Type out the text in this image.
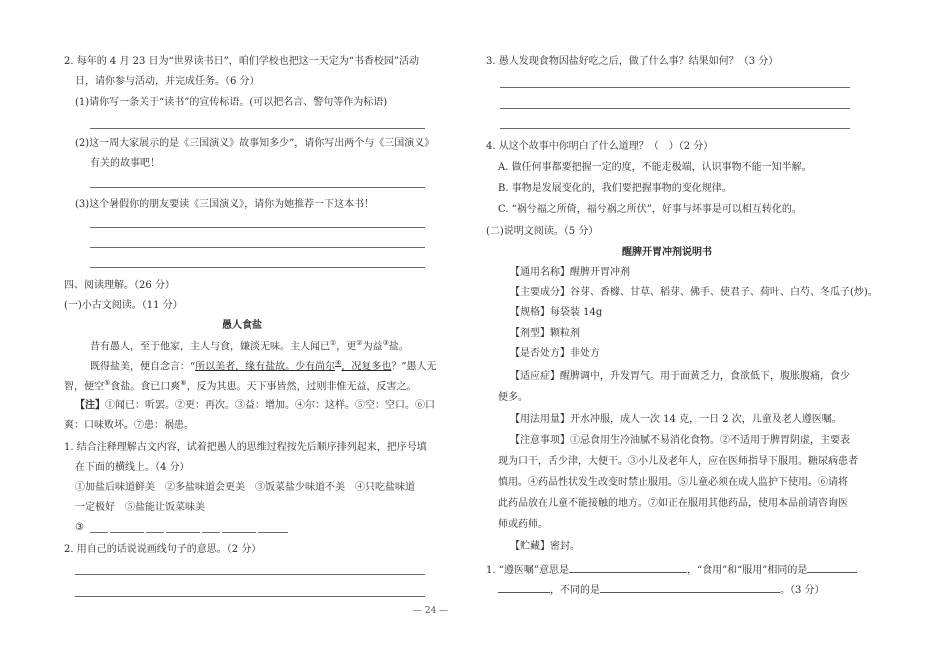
2. 每年的 4 月 23 日为“世界读书日”，咱们学校也把这一天定为“书香校园”活动
日，请你参与活动，并完成任务。（6 分）
(1)请你写一条关于“读书”的宣传标语。(可以把名言、警句等作为标语)
(2)这一周大家展示的是《三国演义》故事知多少”，请你写出两个与《三国演义》
有关的故事吧！
(3)这个暑假你的朋友要读《三国演义》，请你为她推荐一下这本书！
四、阅读理解。（26 分）
(一)小古文阅读。（11 分）
愚人食盐
昔有愚人，至于他家，主人与食，嫌淡无味。主人闻已①，更②为益③盐。
既得盐美，便自念言：“所以美者，缘有盐故。少有尚尔④，况复多也？”愚人无
智，便空⑤食盐。食已口爽⑥，反为其患。天下事皆然，过则非惟无益，反害之。
【注】①闻已：听罢。②更：再次。③益：增加。④尔：这样。⑤空：空口。⑥口
爽：口味败坏。⑦患：祸患。
1. 结合注释理解古文内容，试着把愚人的思维过程按先后顺序排列起来，把序号填
在下面的横线上。（4 分）
①加盐后味道鲜美　②多盐味道会更美　③饭菜盐少味道不美　④只吃盐味道
一定极好　⑤盐能让饭菜味美
③
2. 用自己的话说说画线句子的意思。（2 分）
3. 愚人发现食物因盐好吃之后，做了什么事？结果如何？（3 分）
4. 从这个故事中你明白了什么道理？（　）（2 分）
A. 做任何事都要把握一定的度，不能走极端，认识事物不能一知半解。
B. 事物是发展变化的，我们要把握事物的变化规律。
C. “祸兮福之所倚，福兮祸之所伏”，好事与坏事是可以相互转化的。
(二)说明文阅读。（5 分）
醒脾开胃冲剂说明书
【通用名称】醒脾开胃冲剂
【主要成分】谷芽、香橼、甘草、稻芽、佛手、使君子、荷叶、白芍、冬瓜子(炒)。
【规格】每袋装 14g
【剂型】颗粒剂
【是否处方】非处方
【适应症】醒脾调中，升发胃气。用于面黄乏力，食欲低下，腹胀腹痛，食少
便多。
【用法用量】开水冲服，成人一次 14 克，一日 2 次，儿童及老人遵医嘱。
【注意事项】①忌食用生冷油腻不易消化食物。②不适用于脾胃阴虚，主要表
现为口干，舌少津，大便干。③小儿及老年人，应在医师指导下服用。糖尿病患者
慎用。④药品性状发生改变时禁止服用。⑤儿童必须在成人监护下使用。⑥请将
此药品放在儿童不能接触的地方。⑦如正在服用其他药品，使用本品前请咨询医
师或药师。
【贮藏】密封。
1. “遵医嘱”意思是	，“食用”和“服用”相同的是
，不同的是	。（3 分）
— 24 —
